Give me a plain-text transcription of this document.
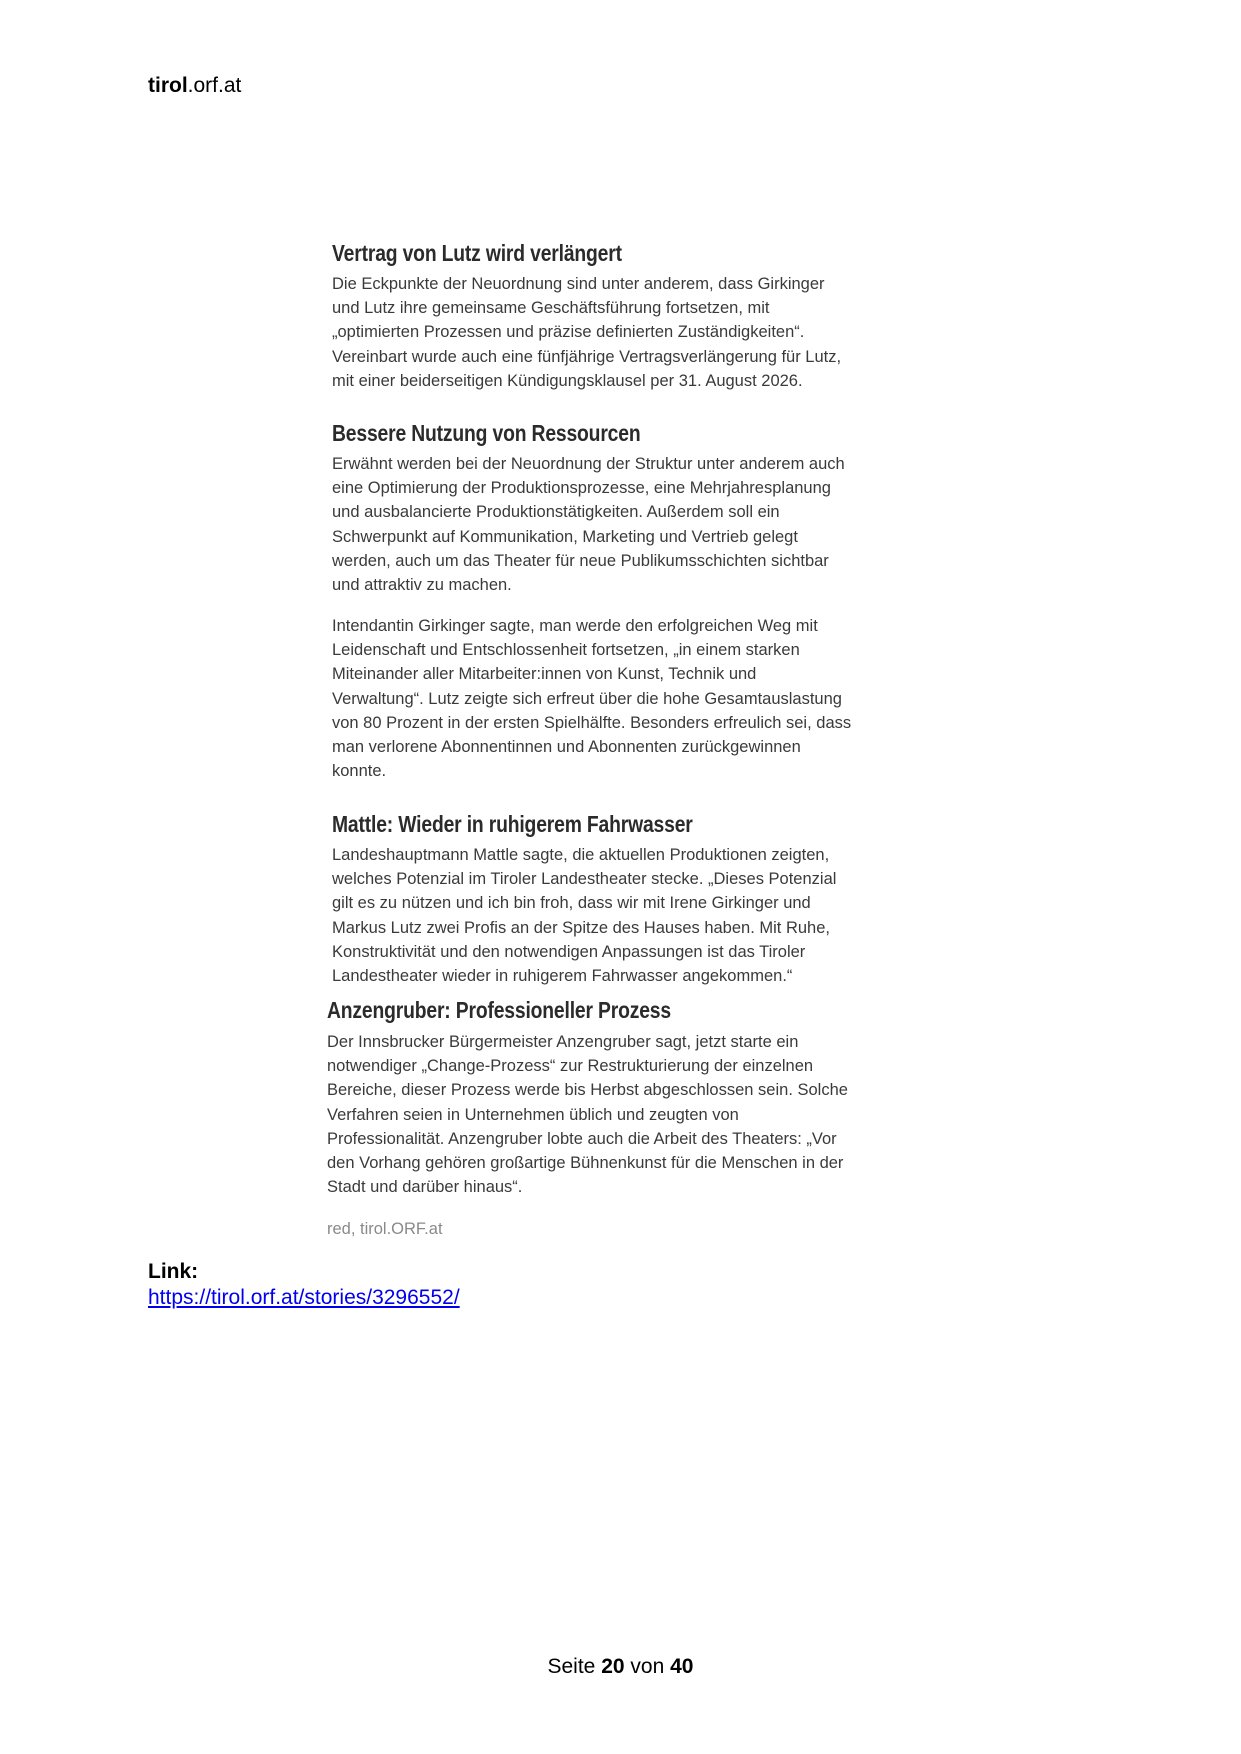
tirol.orf.at
Vertrag von Lutz wird verlängert
Die Eckpunkte der Neuordnung sind unter anderem, dass Girkinger
und Lutz ihre gemeinsame Geschäftsführung fortsetzen, mit
„optimierten Prozessen und präzise definierten Zuständigkeiten“.
Vereinbart wurde auch eine fünfjährige Vertragsverlängerung für Lutz,
mit einer beiderseitigen Kündigungsklausel per 31. August 2026.
Bessere Nutzung von Ressourcen
Erwähnt werden bei der Neuordnung der Struktur unter anderem auch
eine Optimierung der Produktionsprozesse, eine Mehrjahresplanung
und ausbalancierte Produktionstätigkeiten. Außerdem soll ein
Schwerpunkt auf Kommunikation, Marketing und Vertrieb gelegt
werden, auch um das Theater für neue Publikumsschichten sichtbar
und attraktiv zu machen.
Intendantin Girkinger sagte, man werde den erfolgreichen Weg mit
Leidenschaft und Entschlossenheit fortsetzen, „in einem starken
Miteinander aller Mitarbeiter:innen von Kunst, Technik und
Verwaltung“. Lutz zeigte sich erfreut über die hohe Gesamtauslastung
von 80 Prozent in der ersten Spielhälfte. Besonders erfreulich sei, dass
man verlorene Abonnentinnen und Abonnenten zurückgewinnen
konnte.
Mattle: Wieder in ruhigerem Fahrwasser
Landeshauptmann Mattle sagte, die aktuellen Produktionen zeigten,
welches Potenzial im Tiroler Landestheater stecke. „Dieses Potenzial
gilt es zu nützen und ich bin froh, dass wir mit Irene Girkinger und
Markus Lutz zwei Profis an der Spitze des Hauses haben. Mit Ruhe,
Konstruktivität und den notwendigen Anpassungen ist das Tiroler
Landestheater wieder in ruhigerem Fahrwasser angekommen.“
Anzengruber: Professioneller Prozess
Der Innsbrucker Bürgermeister Anzengruber sagt, jetzt starte ein
notwendiger „Change-Prozess“ zur Restrukturierung der einzelnen
Bereiche, dieser Prozess werde bis Herbst abgeschlossen sein. Solche
Verfahren seien in Unternehmen üblich und zeugten von
Professionalität. Anzengruber lobte auch die Arbeit des Theaters: „Vor
den Vorhang gehören großartige Bühnenkunst für die Menschen in der
Stadt und darüber hinaus“.
red, tirol.ORF.at
Link:
https://tirol.orf.at/stories/3296552/
Seite 20 von 40
